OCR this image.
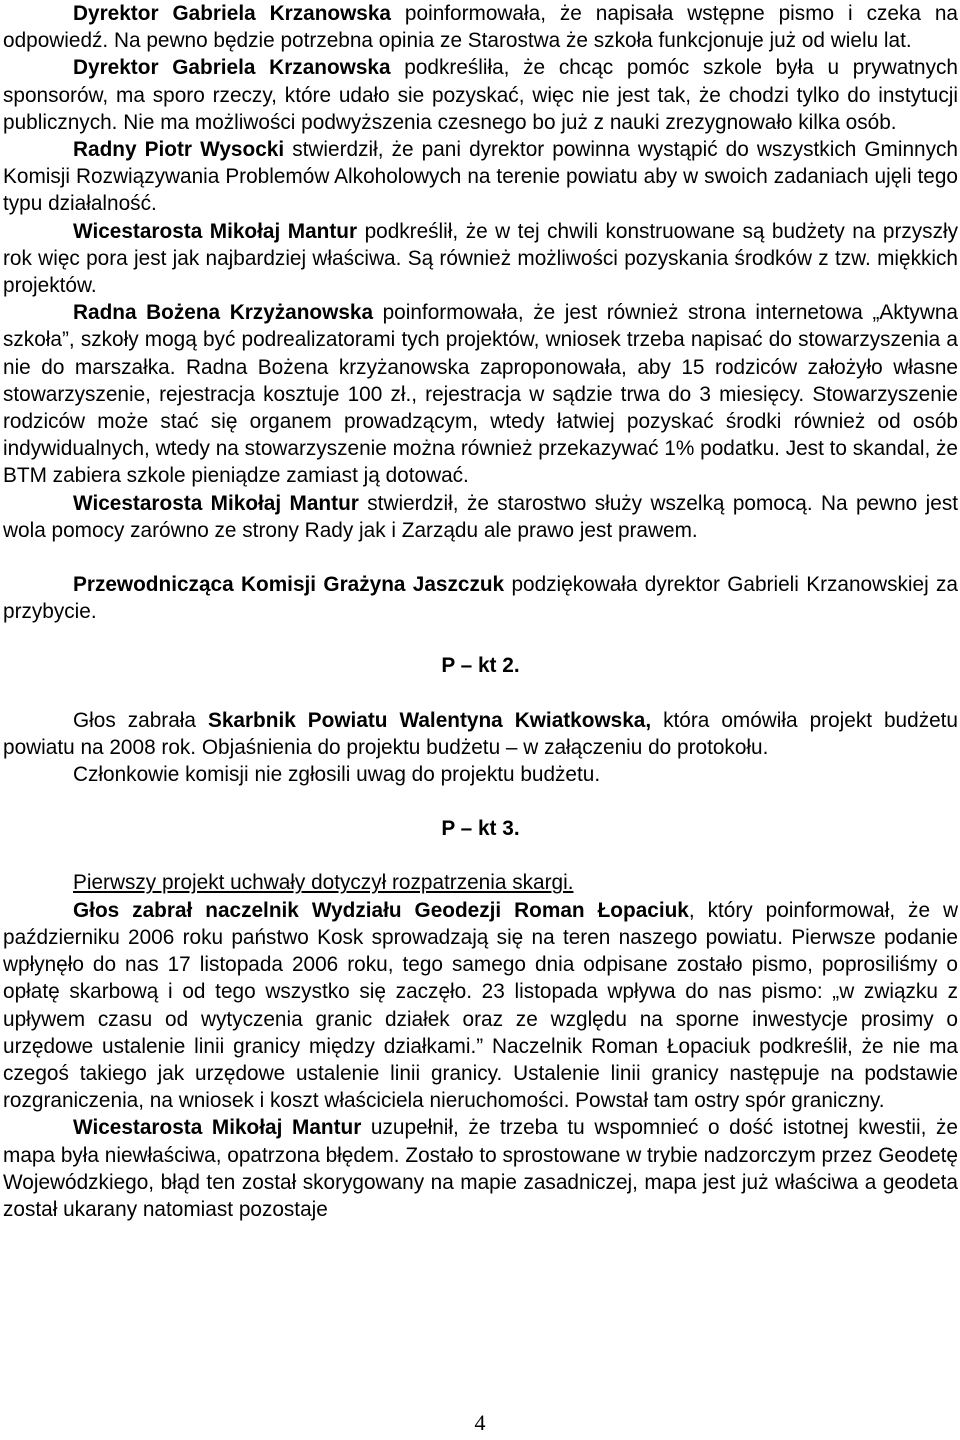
Dyrektor Gabriela Krzanowska poinformowała, że napisała wstępne pismo i czeka na odpowiedź. Na pewno będzie potrzebna opinia ze Starostwa że szkoła funkcjonuje już od wielu lat.

Dyrektor Gabriela Krzanowska podkreśliła, że chcąc pomóc szkole była u prywatnych sponsorów, ma sporo rzeczy, które udało sie pozyskać, więc nie jest tak, że chodzi tylko do instytucji publicznych. Nie ma możliwości podwyższenia czesnego bo już z nauki zrezygnowało kilka osób.

Radny Piotr Wysocki stwierdził, że pani dyrektor powinna wystąpić do wszystkich Gminnych Komisji Rozwiązywania Problemów Alkoholowych na terenie powiatu aby w swoich zadaniach ujęli tego typu działalność.

Wicestarosta Mikołaj Mantur podkreślił, że w tej chwili konstruowane są budżety na przyszły rok więc pora jest jak najbardziej właściwa. Są również możliwości pozyskania środków z tzw. miękkich projektów.

Radna Bożena Krzyżanowska poinformowała, że jest również strona internetowa „Aktywna szkoła”, szkoły mogą być podrealizatorami tych projektów, wniosek trzeba napisać do stowarzyszenia a nie do marszałka. Radna Bożena krzyżanowska zaproponowała, aby 15 rodziców założyło własne stowarzyszenie, rejestracja kosztuje 100 zł., rejestracja w sądzie trwa do 3 miesięcy. Stowarzyszenie rodziców może stać się organem prowadzącym, wtedy łatwiej pozyskać środki również od osób indywidualnych, wtedy na stowarzyszenie można również przekazywać 1% podatku. Jest to skandal, że BTM zabiera szkole pieniądze zamiast ją dotować.

Wicestarosta Mikołaj Mantur stwierdził, że starostwo służy wszelką pomocą. Na pewno jest wola pomocy zarówno ze strony Rady jak i Zarządu ale prawo jest prawem.

Przewodnicząca Komisji Grażyna Jaszczuk podziękowała dyrektor Gabrieli Krzanowskiej za przybycie.

P – kt 2.

Głos zabrała Skarbnik Powiatu Walentyna Kwiatkowska, która omówiła projekt budżetu powiatu na 2008 rok. Objaśnienia do projektu budżetu – w załączeniu do protokołu.

Członkowie komisji nie zgłosili uwag do projektu budżetu.

P – kt 3.

Pierwszy projekt uchwały dotyczył rozpatrzenia skargi.

Głos zabrał naczelnik Wydziału Geodezji Roman Łopaciuk, który poinformował, że w październiku 2006 roku państwo Kosk sprowadzają się na teren naszego powiatu. Pierwsze podanie wpłynęło do nas 17 listopada 2006 roku, tego samego dnia odpisane zostało pismo, poprosiliśmy o opłatę skarbową i od tego wszystko się zaczęło. 23 listopada wpływa do nas pismo: „w związku z upływem czasu od wytyczenia granic działek oraz ze względu na sporne inwestycje prosimy o urzędowe ustalenie linii granicy między działkami.” Naczelnik Roman Łopaciuk podkreślił, że nie ma czegoś takiego jak urzędowe ustalenie linii granicy. Ustalenie linii granicy następuje na podstawie rozgraniczenia, na wniosek i koszt właściciela nieruchomości. Powstał tam ostry spór graniczny.

Wicestarosta Mikołaj Mantur uzupełnił, że trzeba tu wspomnieć o dość istotnej kwestii, że mapa była niewłaściwa, opatrzona błędem. Zostało to sprostowane w trybie nadzorczym przez Geodetę Wojewódzkiego, błąd ten został skorygowany na mapie zasadniczej, mapa jest już właściwa a geodeta został ukarany natomiast pozostaje

4
